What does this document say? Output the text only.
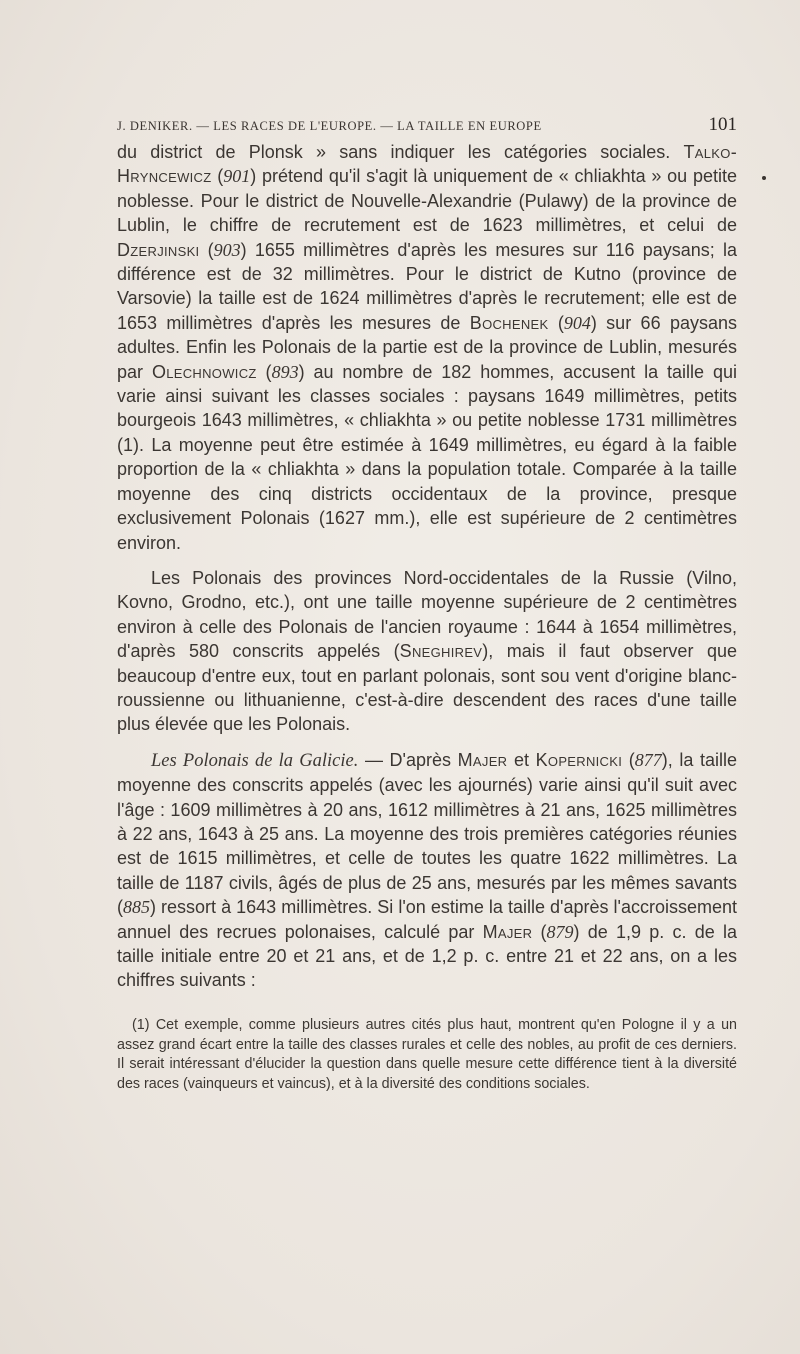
J. DENIKER. — LES RACES DE L'EUROPE. — LA TAILLE EN EUROPE	101

du district de Plonsk » sans indiquer les catégories sociales. Talko-Hryncewicz (901) prétend qu'il s'agit là uniquement de « chliakhta » ou petite noblesse. Pour le district de Nouvelle-Alexandrie (Pulawy) de la province de Lublin, le chiffre de recrutement est de 1623 millimètres, et celui de Dzerjinski (903) 1655 millimètres d'après les mesures sur 116 paysans; la différence est de 32 millimètres. Pour le district de Kutno (province de Varsovie) la taille est de 1624 millimètres d'après le recrutement; elle est de 1653 millimètres d'après les mesures de Bochenek (904) sur 66 paysans adultes. Enfin les Polonais de la partie est de la province de Lublin, mesurés par Olechnowicz (893) au nombre de 182 hommes, accusent la taille qui varie ainsi suivant les classes sociales : paysans 1649 millimètres, petits bourgeois 1643 millimètres, « chliakhta » ou petite noblesse 1731 millimètres (1). La moyenne peut être estimée à 1649 millimètres, eu égard à la faible proportion de la « chliakhta » dans la population totale. Comparée à la taille moyenne des cinq districts occidentaux de la province, presque exclusivement Polonais (1627 mm.), elle est supérieure de 2 centimètres environ.

Les Polonais des provinces Nord-occidentales de la Russie (Vilno, Kovno, Grodno, etc.), ont une taille moyenne supérieure de 2 centimètres environ à celle des Polonais de l'ancien royaume : 1644 à 1654 millimètres, d'après 580 conscrits appelés (Sneghirev), mais il faut observer que beaucoup d'entre eux, tout en parlant polonais, sont sou vent d'origine blanc-roussienne ou lithuanienne, c'est-à-dire descendent des races d'une taille plus élevée que les Polonais.

Les Polonais de la Galicie. — D'après Majer et Kopernicki (877), la taille moyenne des conscrits appelés (avec les ajournés) varie ainsi qu'il suit avec l'âge : 1609 millimètres à 20 ans, 1612 millimètres à 21 ans, 1625 millimètres à 22 ans, 1643 à 25 ans. La moyenne des trois premières catégories réunies est de 1615 millimètres, et celle de toutes les quatre 1622 millimètres. La taille de 1187 civils, âgés de plus de 25 ans, mesurés par les mêmes savants (885) ressort à 1643 millimètres. Si l'on estime la taille d'après l'accroissement annuel des recrues polonaises, calculé par Majer (879) de 1,9 p. c. de la taille initiale entre 20 et 21 ans, et de 1,2 p. c. entre 21 et 22 ans, on a les chiffres suivants :

(1) Cet exemple, comme plusieurs autres cités plus haut, montrent qu'en Pologne il y a un assez grand écart entre la taille des classes rurales et celle des nobles, au profit de ces derniers. Il serait intéressant d'élucider la question dans quelle mesure cette différence tient à la diversité des races (vainqueurs et vaincus), et à la diversité des conditions sociales.
